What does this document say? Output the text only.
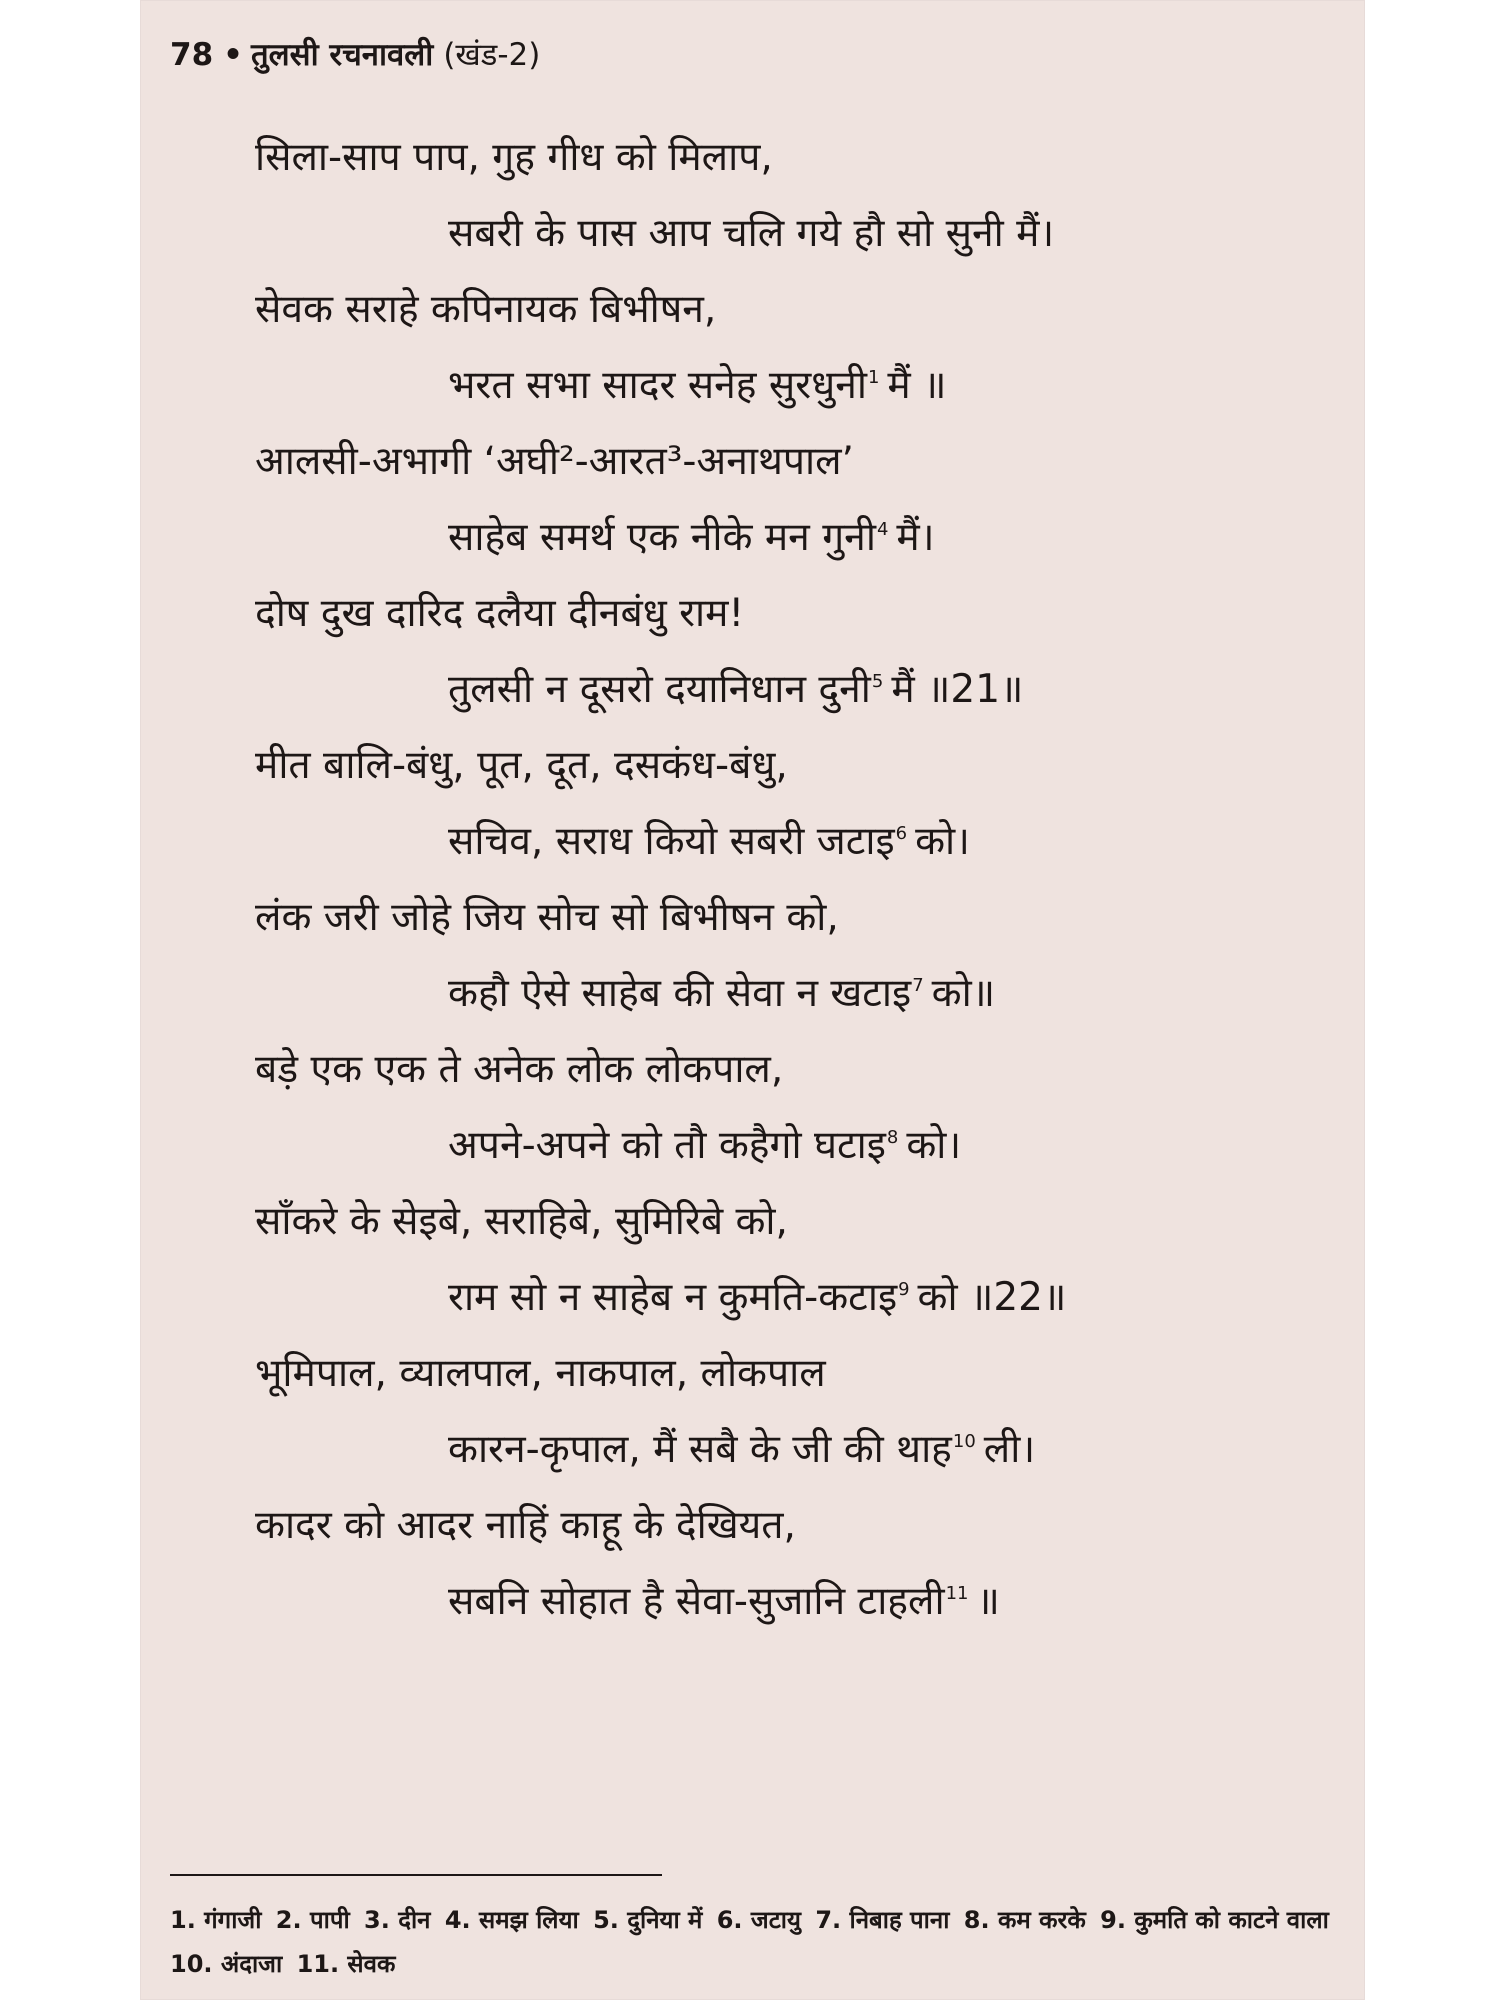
78 • तुलसी रचनावली (खंड-2)
सिला-साप पाप, गुह गीध को मिलाप,
सबरी के पास आप चलि गये हौ सो सुनी मैं।
सेवक सराहे कपिनायक बिभीषन,
भरत सभा सादर सनेह सुरधुनी$^1$ मैं ॥
आलसी-अभागी ‘अघी²-आरत³-अनाथपाल’
साहेब समर्थ एक नीके मन गुनी$^4$ मैं।
दोष दुख दारिद दलैया दीनबंधु राम!
तुलसी न दूसरो दयानिधान दुनी$^5$ मैं ॥21॥
मीत बालि-बंधु, पूत, दूत, दसकंध-बंधु,
सचिव, सराध कियो सबरी जटाइ$^6$ को।
लंक जरी जोहे जिय सोच सो बिभीषन को,
कहौ ऐसे साहेब की सेवा न खटाइ$^7$ को॥
बड़े एक एक ते अनेक लोक लोकपाल,
अपने-अपने को तौ कहैगो घटाइ$^8$ को।
साँकरे के सेइबे, सराहिबे, सुमिरिबे को,
राम सो न साहेब न कुमति-कटाइ$^9$ को ॥22॥
भूमिपाल, व्यालपाल, नाकपाल, लोकपाल
कारन-कृपाल, मैं सबै के जी की थाह$^{10}$ ली।
कादर को आदर नाहिं काहू के देखियत,
सबनि सोहात है सेवा-सुजानि टाहली$^{11}$ ॥
1. गंगाजी 2. पापी 3. दीन 4. समझ लिया 5. दुनिया में 6. जटायु 7. निबाह पाना 8. कम करके 9. कुमति को काटने वाला 10. अंदाजा 11. सेवक
